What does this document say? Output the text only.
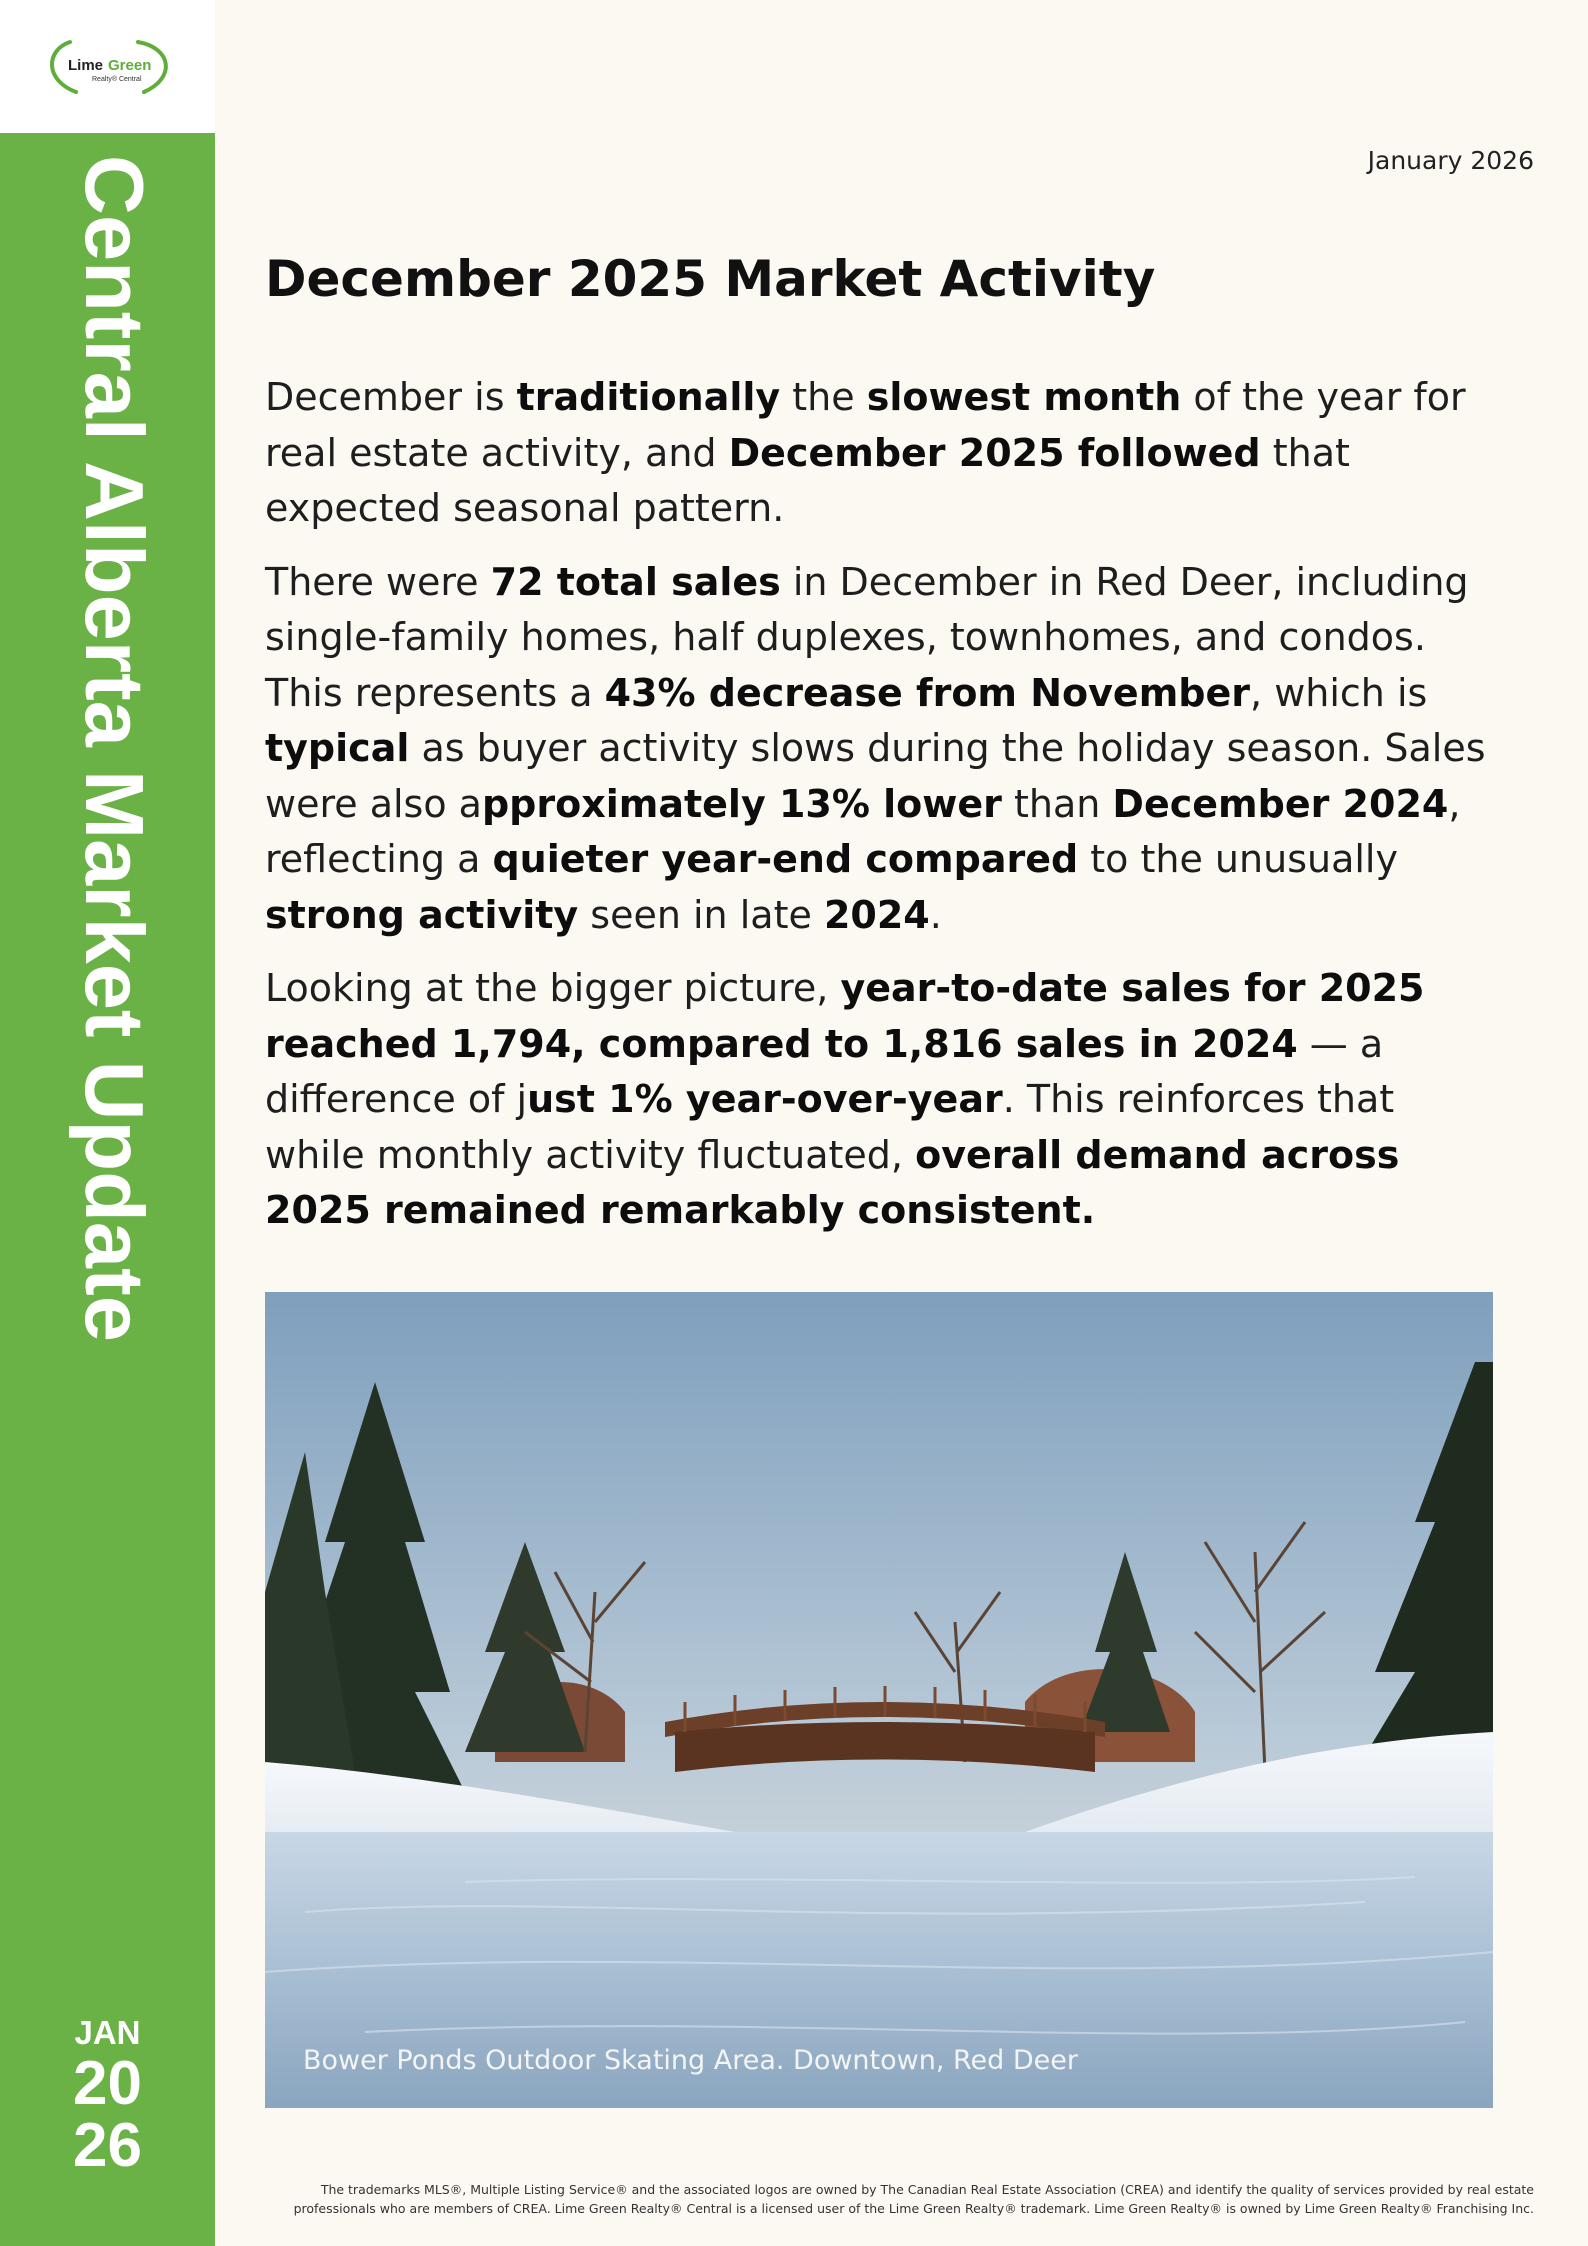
Lime Green
Realty® Central
Central Alberta Market Update
JAN
20
26
January 2026
December 2025 Market Activity

December is traditionally the slowest month of the year for real estate activity, and December 2025 followed that expected seasonal pattern.

There were 72 total sales in December in Red Deer, including single-family homes, half duplexes, townhomes, and condos. This represents a 43% decrease from November, which is typical as buyer activity slows during the holiday season. Sales were also approximately 13% lower than December 2024, reflecting a quieter year-end compared to the unusually strong activity seen in late 2024.

Looking at the bigger picture, year-to-date sales for 2025 reached 1,794, compared to 1,816 sales in 2024 — a difference of just 1% year-over-year. This reinforces that while monthly activity fluctuated, overall demand across 2025 remained remarkably consistent.

Bower Ponds Outdoor Skating Area. Downtown, Red Deer
The trademarks MLS®, Multiple Listing Service® and the associated logos are owned by The Canadian Real Estate Association (CREA) and identify the quality of services provided by real estate
professionals who are members of CREA. Lime Green Realty® Central is a licensed user of the Lime Green Realty® trademark. Lime Green Realty® is owned by Lime Green Realty® Franchising Inc.
